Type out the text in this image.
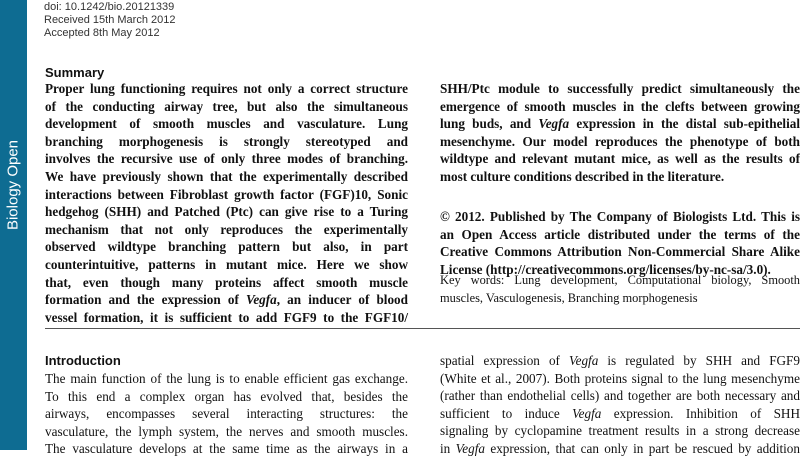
Biology Open
doi: 10.1242/bio.20121339
Received 15th March 2012
Accepted 8th May 2012
Summary
Proper lung functioning requires not only a correct structure
of the conducting airway tree, but also the simultaneous
development of smooth muscles and vasculature. Lung
branching morphogenesis is strongly stereotyped and
involves the recursive use of only three modes of branching.
We have previously shown that the experimentally described
interactions between Fibroblast growth factor (FGF)10, Sonic
hedgehog (SHH) and Patched (Ptc) can give rise to a Turing
mechanism that not only reproduces the experimentally
observed wildtype branching pattern but also, in part
counterintuitive, patterns in mutant mice. Here we show
that, even though many proteins affect smooth muscle
formation and the expression of Vegfa, an inducer of blood
vessel formation, it is sufficient to add FGF9 to the FGF10/
SHH/Ptc module to successfully predict simultaneously the
emergence of smooth muscles in the clefts between growing
lung buds, and Vegfa expression in the distal sub-epithelial
mesenchyme. Our model reproduces the phenotype of both
wildtype and relevant mutant mice, as well as the results of
most culture conditions described in the literature.
© 2012. Published by The Company of Biologists Ltd. This is
an Open Access article distributed under the terms of the
Creative Commons Attribution Non-Commercial Share Alike
License (http://creativecommons.org/licenses/by-nc-sa/3.0).
Key words: Lung development, Computational biology, Smooth
muscles, Vasculogenesis, Branching morphogenesis
Introduction
The main function of the lung is to enable efficient gas exchange.
To this end a complex organ has evolved that, besides the
airways, encompasses several interacting structures: the
vasculature, the lymph system, the nerves and smooth muscles.
The vasculature develops at the same time as the airways in a
spatial expression of Vegfa is regulated by SHH and FGF9
(White et al., 2007). Both proteins signal to the lung mesenchyme
(rather than endothelial cells) and together are both necessary and
sufficient to induce Vegfa expression. Inhibition of SHH
signaling by cyclopamine treatment results in a strong decrease
in Vegfa expression, that can only in part be rescued by addition
